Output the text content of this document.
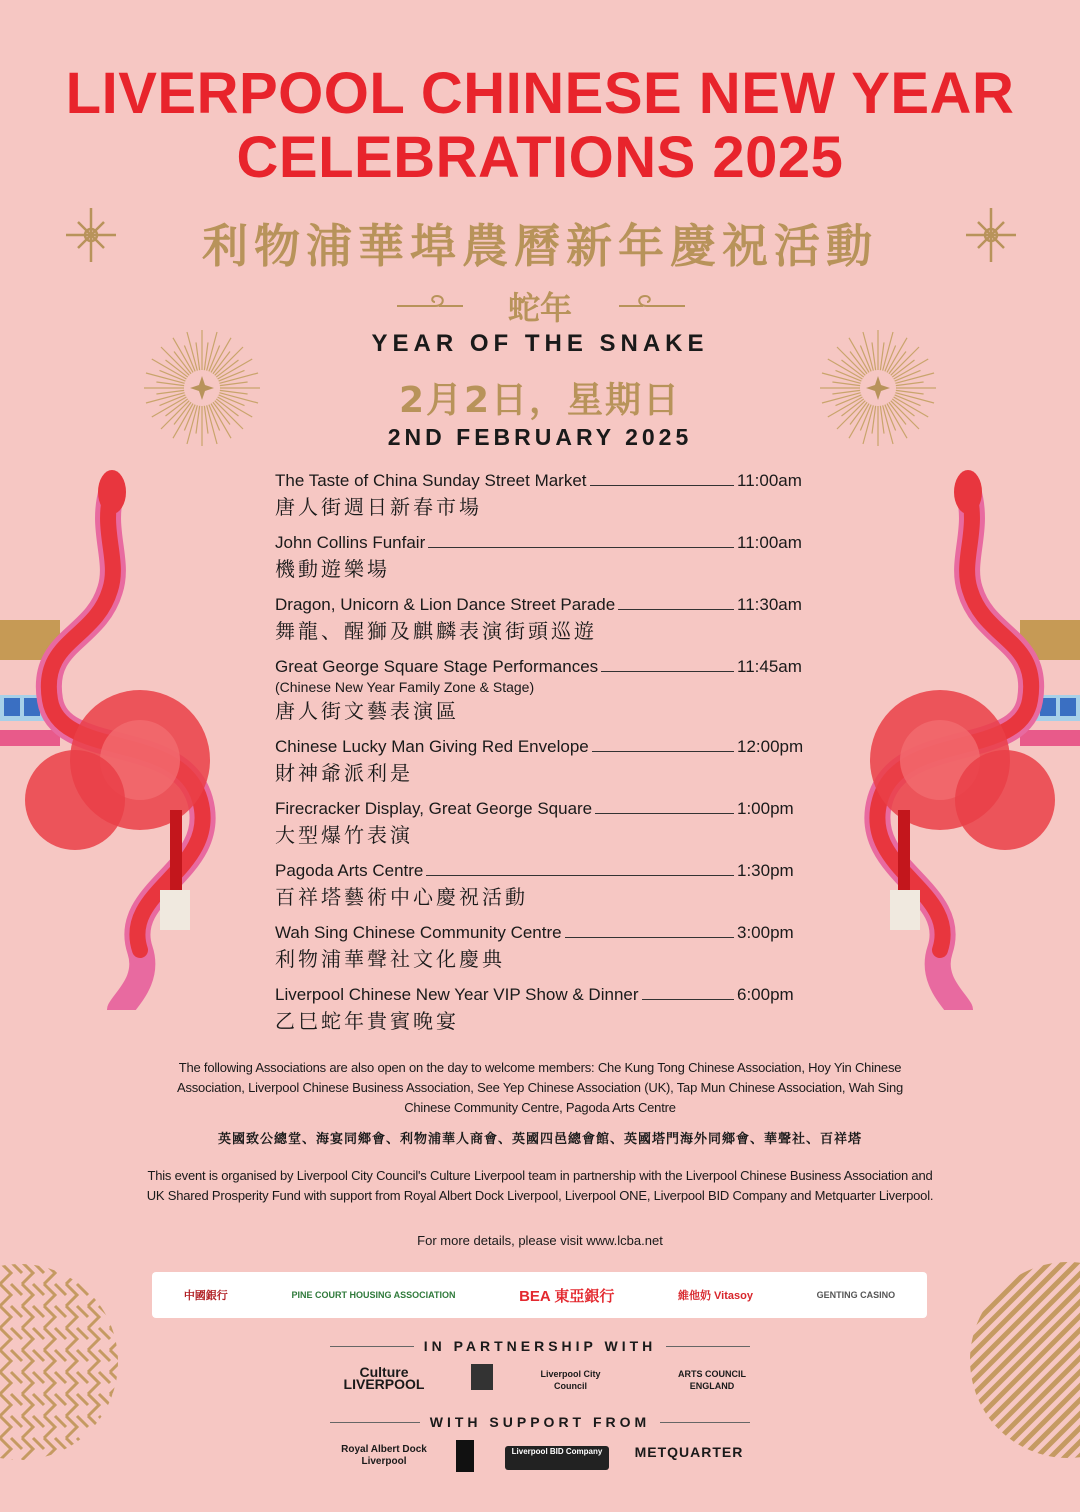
LIVERPOOL CHINESE NEW YEAR
CELEBRATIONS 2025
利物浦華埠農曆新年慶祝活動
蛇年
YEAR OF THE SNAKE
2月2日，星期日
2ND FEBRUARY 2025
The Taste of China Sunday Street Market	11:00am
唐人街週日新春市場
John Collins Funfair	11:00am
機動遊樂場
Dragon, Unicorn & Lion Dance Street Parade	11:30am
舞龍、醒獅及麒麟表演街頭巡遊
Great George Square Stage Performances	11:45am
(Chinese New Year Family Zone & Stage)
唐人街文藝表演區
Chinese Lucky Man Giving Red Envelope	12:00pm
財神爺派利是
Firecracker Display, Great George Square	1:00pm
大型爆竹表演
Pagoda Arts Centre	1:30pm
百祥塔藝術中心慶祝活動
Wah Sing Chinese Community Centre	3:00pm
利物浦華聲社文化慶典
Liverpool Chinese New Year VIP Show & Dinner	6:00pm
乙巳蛇年貴賓晚宴
The following Associations are also open on the day to welcome members: Che Kung Tong Chinese Association, Hoy Yin Chinese Association, Liverpool Chinese Business Association, See Yep Chinese Association (UK), Tap Mun Chinese Association, Wah Sing Chinese Community Centre, Pagoda Arts Centre
英國致公總堂、海宴同鄉會、利物浦華人商會、英國四邑總會館、英國塔門海外同鄉會、華聲社、百祥塔
This event is organised by Liverpool City Council's Culture Liverpool team in partnership with the Liverpool Chinese Business Association and UK Shared Prosperity Fund with support from Royal Albert Dock Liverpool, Liverpool ONE, Liverpool BID Company and Metquarter Liverpool.
For more details, please visit www.lcba.net
中國銀行	PINE COURT HOUSING ASSOCIATION	BEA 東亞銀行	維他奶 Vitasoy	GENTING CASINO
IN PARTNERSHIP WITH
Culture LIVERPOOL
Liverpool City Council
ARTS COUNCIL ENGLAND
WITH SUPPORT FROM
Royal Albert Dock Liverpool
Liverpool BID Company	METQUARTER
